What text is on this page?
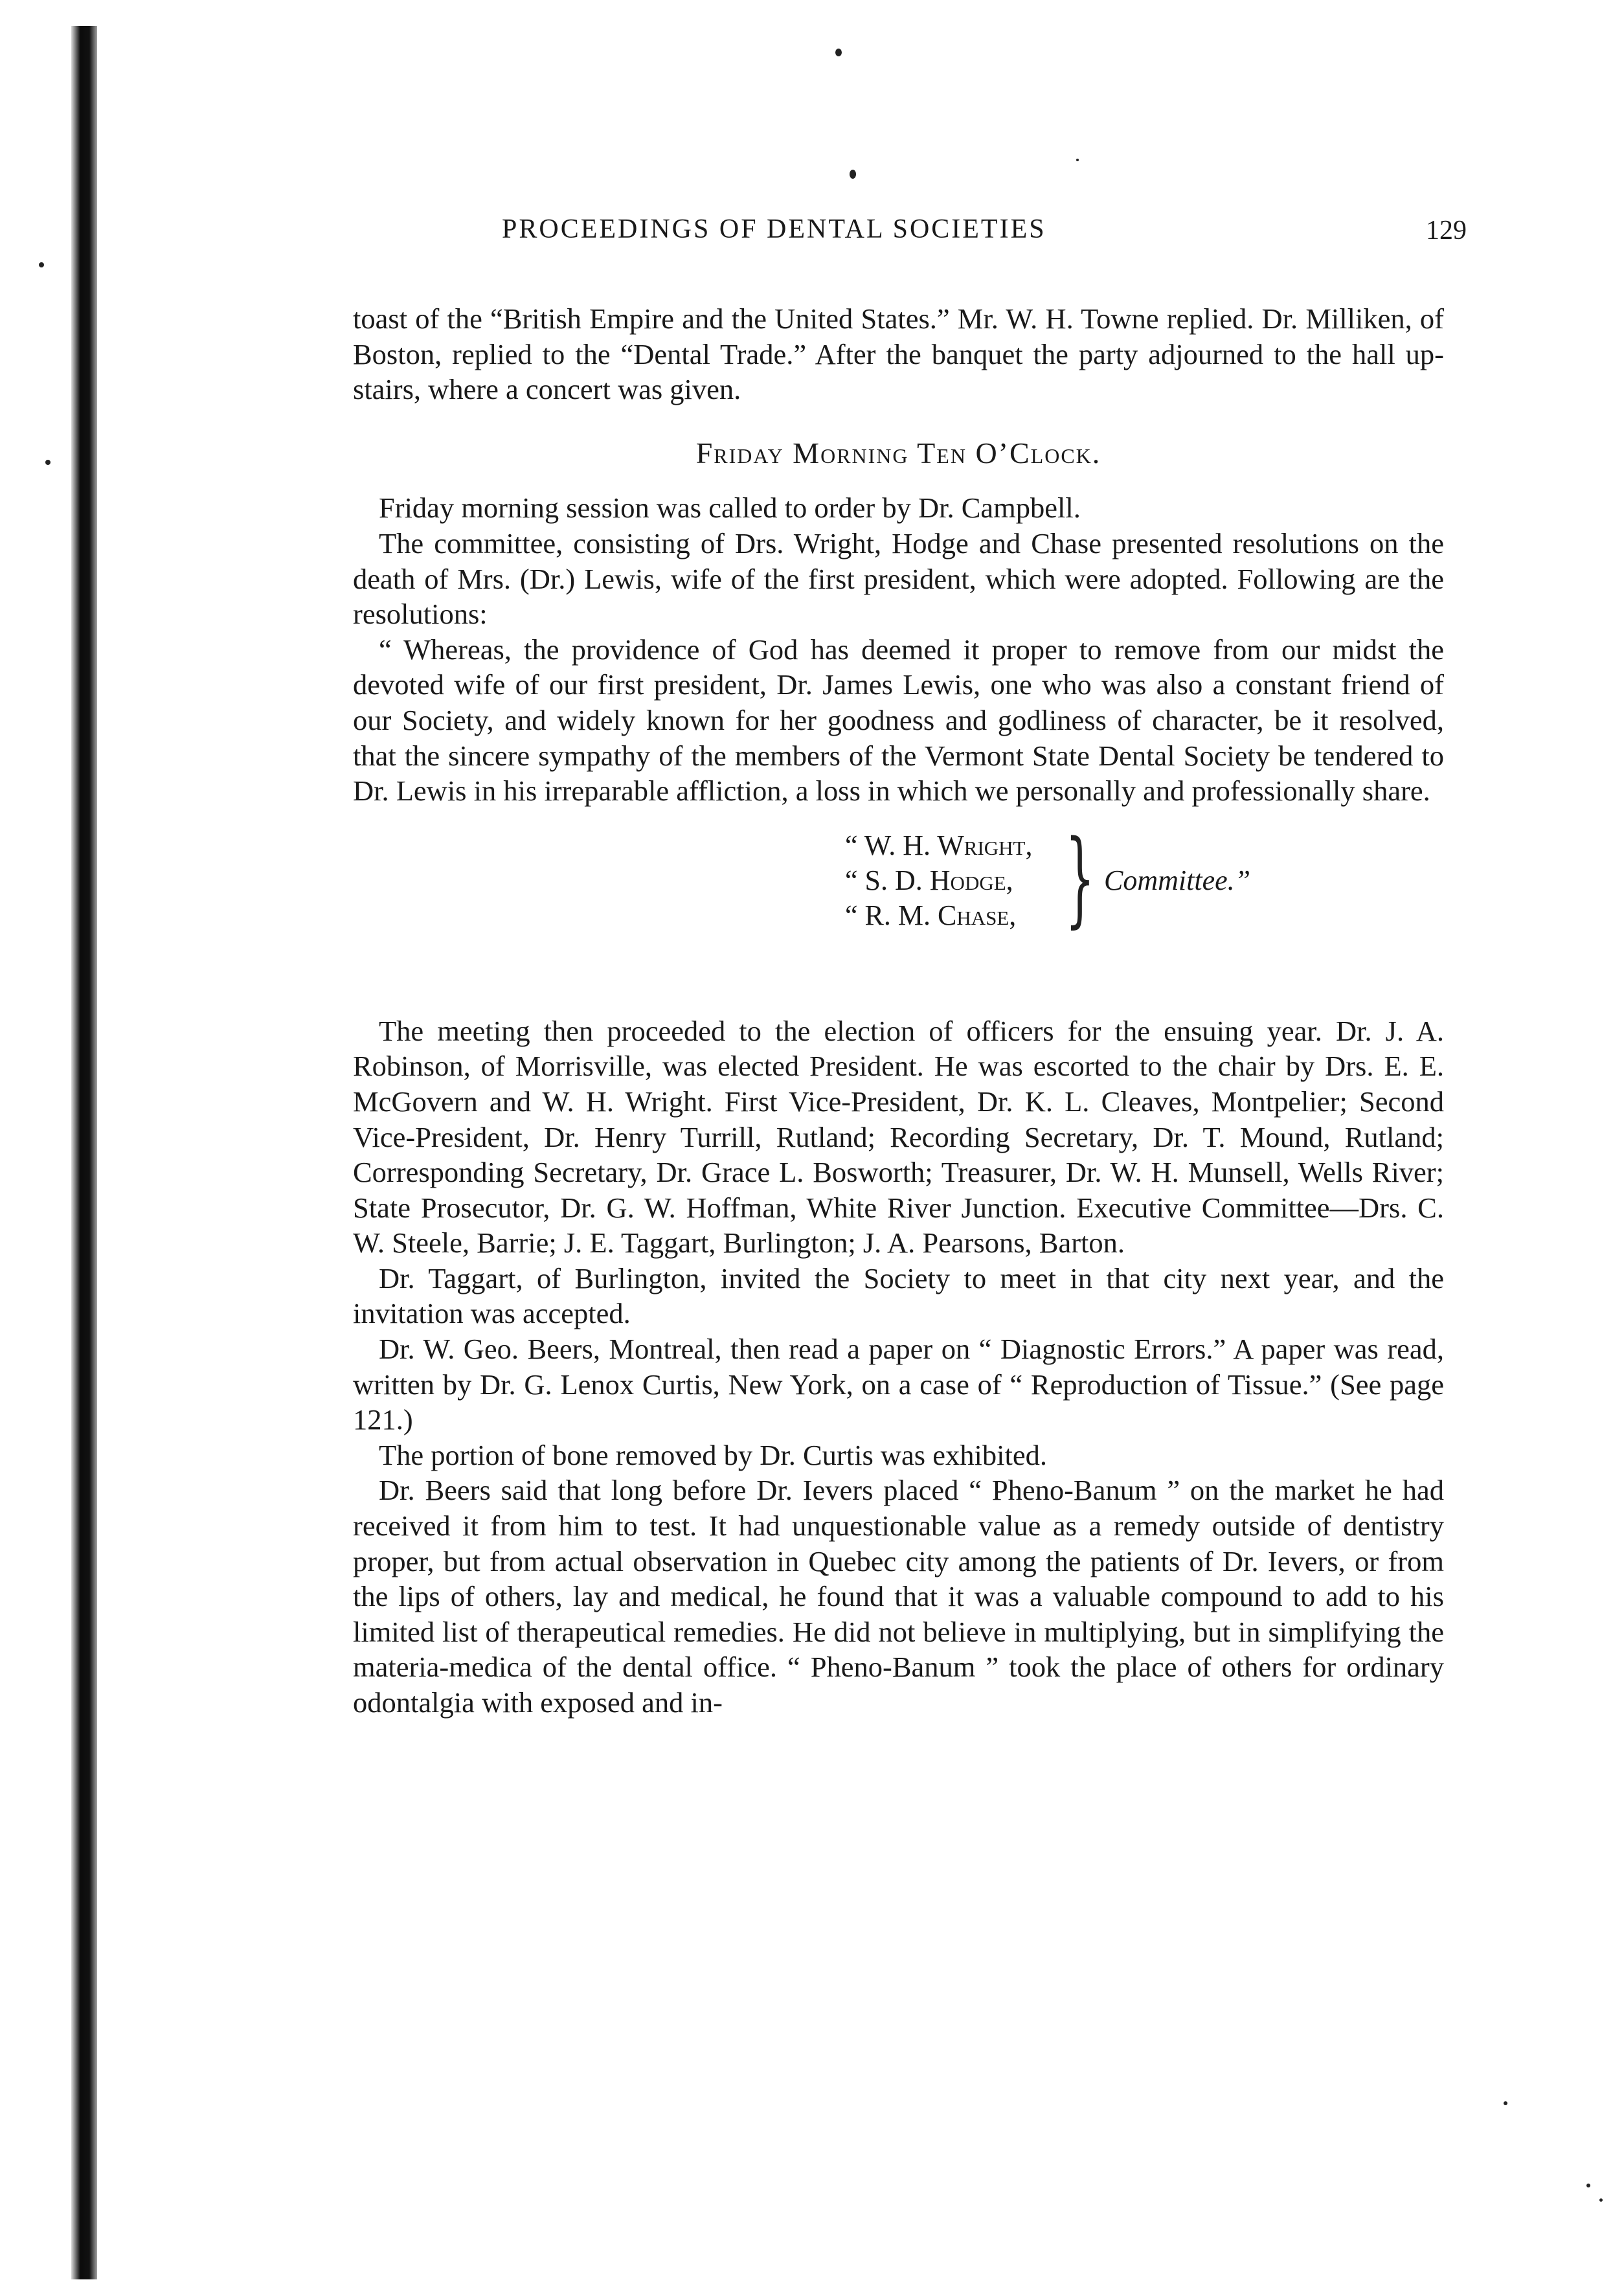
PROCEEDINGS OF DENTAL SOCIETIES	129

toast of the “British Empire and the United States.” Mr. W. H. Towne replied. Dr. Milliken, of Boston, replied to the “Dental Trade.” After the banquet the party adjourned to the hall up-stairs, where a concert was given.

Friday Morning Ten O’Clock.

Friday morning session was called to order by Dr. Campbell.

The committee, consisting of Drs. Wright, Hodge and Chase presented resolutions on the death of Mrs. (Dr.) Lewis, wife of the first president, which were adopted. Following are the resolutions:

“ Whereas, the providence of God has deemed it proper to remove from our midst the devoted wife of our first president, Dr. James Lewis, one who was also a constant friend of our Society, and widely known for her goodness and godliness of character, be it resolved, that the sincere sympathy of the members of the Vermont State Dental Society be tendered to Dr. Lewis in his irreparable affliction, a loss in which we personally and professionally share.

“ W. H. Wright,
“ S. D. Hodge,
“ R. M. Chase, } Committee.”

The meeting then proceeded to the election of officers for the ensuing year. Dr. J. A. Robinson, of Morrisville, was elected President. He was escorted to the chair by Drs. E. E. McGovern and W. H. Wright. First Vice-President, Dr. K. L. Cleaves, Montpelier; Second Vice-President, Dr. Henry Turrill, Rutland; Recording Secretary, Dr. T. Mound, Rutland; Corresponding Secretary, Dr. Grace L. Bosworth; Treasurer, Dr. W. H. Munsell, Wells River; State Prosecutor, Dr. G. W. Hoffman, White River Junction. Executive Committee—Drs. C. W. Steele, Barrie; J. E. Taggart, Burlington; J. A. Pearsons, Barton.

Dr. Taggart, of Burlington, invited the Society to meet in that city next year, and the invitation was accepted.

Dr. W. Geo. Beers, Montreal, then read a paper on “ Diagnostic Errors.” A paper was read, written by Dr. G. Lenox Curtis, New York, on a case of “ Reproduction of Tissue.” (See page 121.)

The portion of bone removed by Dr. Curtis was exhibited.

Dr. Beers said that long before Dr. Ievers placed “ Pheno-Banum ” on the market he had received it from him to test. It had unquestionable value as a remedy outside of dentistry proper, but from actual observation in Quebec city among the patients of Dr. Ievers, or from the lips of others, lay and medical, he found that it was a valuable compound to add to his limited list of therapeutical remedies. He did not believe in multiplying, but in simplifying the materia-medica of the dental office. “ Pheno-Banum ” took the place of others for ordinary odontalgia with exposed and in-
